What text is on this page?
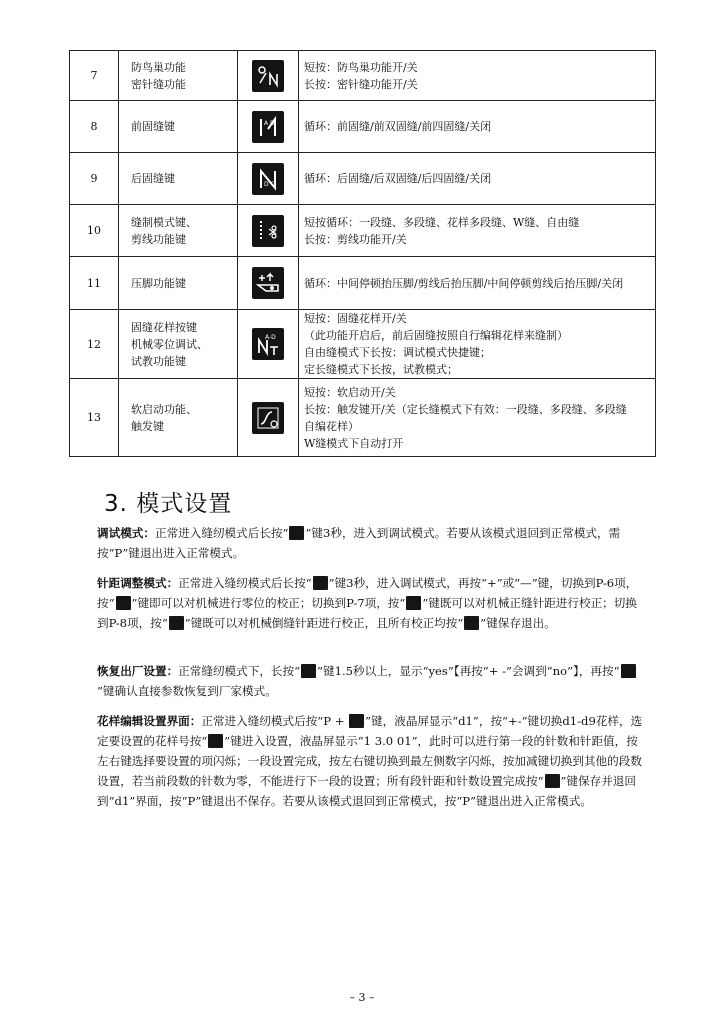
7	防鸟巢功能
密针缝功能		短按：防鸟巢功能开/关
长按：密针缝功能开/关

8	前固缝键	A B	循环：前固缝/前双固缝/前四固缝/关闭

9	后固缝键	D C	循环：后固缝/后双固缝/后四固缝/关闭

10	缝制模式键、
剪线功能键		短按循环：一段缝、多段缝、花样多段缝、W缝、自由缝
长按：剪线功能开/关

11	压脚功能键		循环：中间停顿抬压脚/剪线后抬压脚/中间停顿剪线后抬压脚/关闭

12	固缝花样按键
机械零位调试、
试教功能键	A-D	短按：固缝花样开/关
（此功能开启后，前后固缝按照自行编辑花样来缝制）
自由缝模式下长按：调试模式快捷键；
定长缝模式下长按，试教模式；

13	软启动功能、
触发键		短按：软启动开/关
长按：触发键开/关（定长缝模式下有效：一段缝、多段缝、多段缝
自编花样）
W缝模式下自动打开
3. 模式设置

调试模式：正常进入缝纫模式后长按“ ”键3秒，进入到调试模式。若要从该模式退回到正常模式，需按“P”键退出进入正常模式。

针距调整模式：正常进入缝纫模式后长按“ ”键3秒，进入调试模式，再按“+”或“—”键，切换到P-6项，按“ ”键即可以对机械进行零位的校正；切换到P-7项，按“ ”键既可以对机械正缝针距进行校正；切换到P-8项，按“ ”键既可以对机械倒缝针距进行校正，且所有校正均按“ ”键保存退出。

恢复出厂设置：正常缝纫模式下，长按“ ”键1.5秒以上，显示“yes”【再按“+ -”会调到“no”】，再按“”键确认直接参数恢复到厂家模式。

花样编辑设置界面：正常进入缝纫模式后按“P + ”键，液晶屏显示“d1”，按“+-”键切换d1-d9花样，选定要设置的花样号按“ ”键进入设置，液晶屏显示“1 3.0 01”，此时可以进行第一段的针数和针距值，按左右键选择要设置的项闪烁；一段设置完成，按左右键切换到最左侧数字闪烁，按加减键切换到其他的段数设置，若当前段数的针数为零，不能进行下一段的设置；所有段针距和针数设置完成按“ ”键保存并退回到“d1”界面，按“P”键退出不保存。若要从该模式退回到正常模式，按“P”键退出进入正常模式。

– 3 –
